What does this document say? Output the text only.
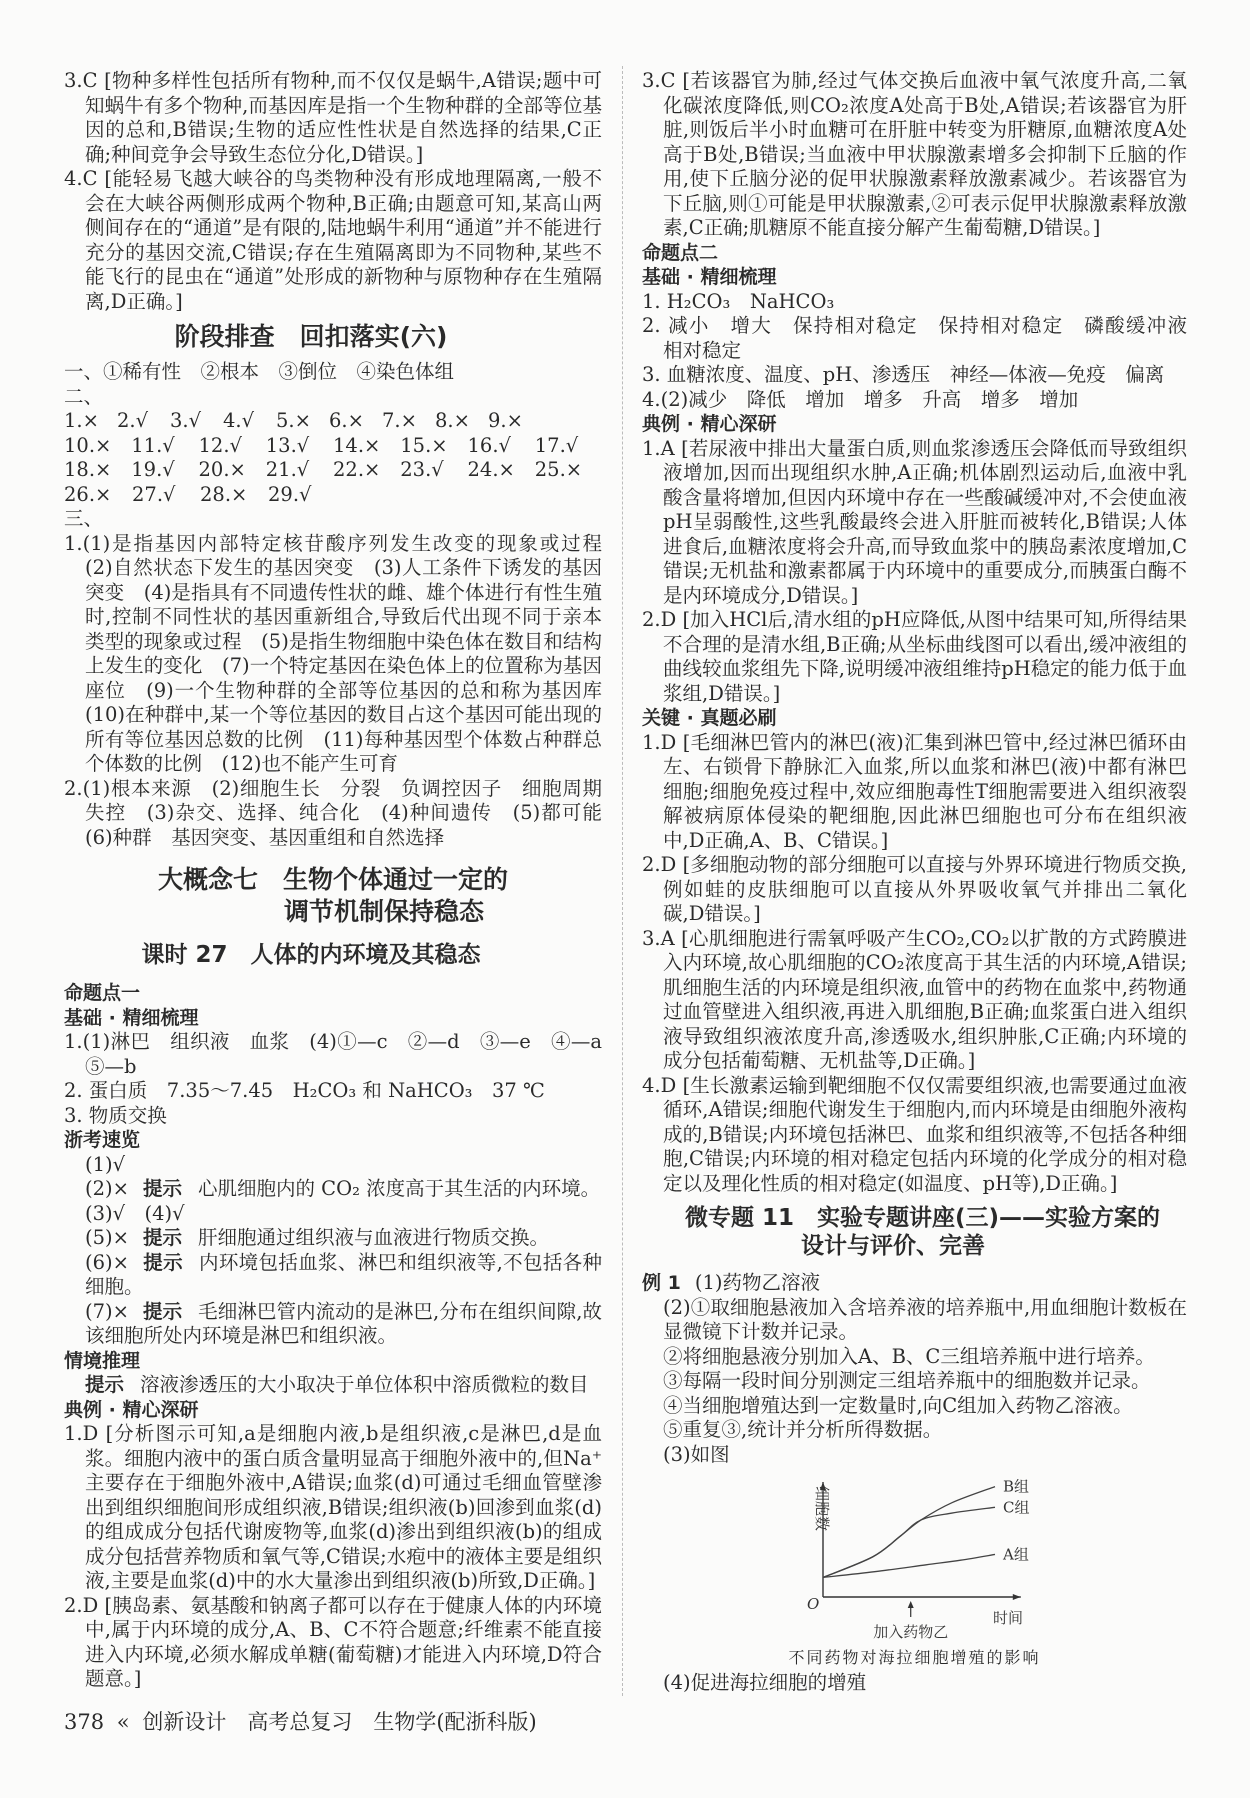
3.C [物种多样性包括所有物种,而不仅仅是蜗牛,A错误;题中可知蜗牛有多个物种,而基因库是指一个生物种群的全部等位基因的总和,B错误;生物的适应性性状是自然选择的结果,C正确;种间竞争会导致生态位分化,D错误。]

4.C [能轻易飞越大峡谷的鸟类物种没有形成地理隔离,一般不会在大峡谷两侧形成两个物种,B正确;由题意可知,某高山两侧间存在的“通道”是有限的,陆地蜗牛利用“通道”并不能进行充分的基因交流,C错误;存在生殖隔离即为不同物种,某些不能飞行的昆虫在“通道”处形成的新物种与原物种存在生殖隔离,D正确。]

阶段排查　回扣落实(六)

一、①稀有性　②根本　③倒位　④染色体组

二、

1.× 2.√	3.√	4.√	5.× 6.× 7.× 8.× 9.×
10.×	11.√	12.√	13.√	14.×	15.×	16.√	17.√
18.×	19.√	20.×	21.√	22.×	23.√	24.×	25.×
26.×	27.√	28.×	29.√

三、

1.(1)是指基因内部特定核苷酸序列发生改变的现象或过程　(2)自然状态下发生的基因突变　(3)人工条件下诱发的基因突变　(4)是指具有不同遗传性状的雌、雄个体进行有性生殖时,控制不同性状的基因重新组合,导致后代出现不同于亲本类型的现象或过程　(5)是指生物细胞中染色体在数目和结构上发生的变化　(7)一个特定基因在染色体上的位置称为基因座位　(9)一个生物种群的全部等位基因的总和称为基因库　(10)在种群中,某一个等位基因的数目占这个基因可能出现的所有等位基因总数的比例　(11)每种基因型个体数占种群总个体数的比例　(12)也不能产生可育

2.(1)根本来源　(2)细胞生长　分裂　负调控因子　细胞周期失控　(3)杂交、选择、纯合化　(4)种间遗传　(5)都可能　(6)种群　基因突变、基因重组和自然选择

大概念七　生物个体通过一定的
调节机制保持稳态
课时 27　人体的内环境及其稳态

命题点一

基础 · 精细梳理

1.(1)淋巴　组织液　血浆　(4)①—c　②—d　③—e　④—a　⑤—b

2. 蛋白质　7.35～7.45　H₂CO₃ 和 NaHCO₃　37 ℃

3. 物质交换

浙考速览

(1)√

(2)× 提示 心肌细胞内的 CO₂ 浓度高于其生活的内环境。

(3)√　(4)√

(5)× 提示 肝细胞通过组织液与血液进行物质交换。

(6)× 提示 内环境包括血浆、淋巴和组织液等,不包括各种细胞。

(7)× 提示 毛细淋巴管内流动的是淋巴,分布在组织间隙,故该细胞所处内环境是淋巴和组织液。

情境推理

提示 溶液渗透压的大小取决于单位体积中溶质微粒的数目

典例 · 精心深研

1.D [分析图示可知,a是细胞内液,b是组织液,c是淋巴,d是血浆。细胞内液中的蛋白质含量明显高于细胞外液中的,但Na⁺主要存在于细胞外液中,A错误;血浆(d)可通过毛细血管壁渗出到组织细胞间形成组织液,B错误;组织液(b)回渗到血浆(d)的组成成分包括代谢废物等,血浆(d)渗出到组织液(b)的组成成分包括营养物质和氧气等,C错误;水疱中的液体主要是组织液,主要是血浆(d)中的水大量渗出到组织液(b)所致,D正确。]

2.D [胰岛素、氨基酸和钠离子都可以存在于健康人体的内环境中,属于内环境的成分,A、B、C不符合题意;纤维素不能直接进入内环境,必须水解成单糖(葡萄糖)才能进入内环境,D符合题意。]

378 « 创新设计　高考总复习　生物学(配浙科版)

3.C [若该器官为肺,经过气体交换后血液中氧气浓度升高,二氧化碳浓度降低,则CO₂浓度A处高于B处,A错误;若该器官为肝脏,则饭后半小时血糖可在肝脏中转变为肝糖原,血糖浓度A处高于B处,B错误;当血液中甲状腺激素增多会抑制下丘脑的作用,使下丘脑分泌的促甲状腺激素释放激素减少。若该器官为下丘脑,则①可能是甲状腺激素,②可表示促甲状腺激素释放激素,C正确;肌糖原不能直接分解产生葡萄糖,D错误。]

命题点二

基础 · 精细梳理

1. H₂CO₃　NaHCO₃

2. 减小　增大　保持相对稳定　保持相对稳定　磷酸缓冲液　相对稳定

3. 血糖浓度、温度、pH、渗透压　神经—体液—免疫　偏离

4.(2)减少　降低　增加　增多　升高　增多　增加

典例 · 精心深研

1.A [若尿液中排出大量蛋白质,则血浆渗透压会降低而导致组织液增加,因而出现组织水肿,A正确;机体剧烈运动后,血液中乳酸含量将增加,但因内环境中存在一些酸碱缓冲对,不会使血液pH呈弱酸性,这些乳酸最终会进入肝脏而被转化,B错误;人体进食后,血糖浓度将会升高,而导致血浆中的胰岛素浓度增加,C错误;无机盐和激素都属于内环境中的重要成分,而胰蛋白酶不是内环境成分,D错误。]

2.D [加入HCl后,清水组的pH应降低,从图中结果可知,所得结果不合理的是清水组,B正确;从坐标曲线图可以看出,缓冲液组的曲线较血浆组先下降,说明缓冲液组维持pH稳定的能力低于血浆组,D错误。]

关键 · 真题必刷

1.D [毛细淋巴管内的淋巴(液)汇集到淋巴管中,经过淋巴循环由左、右锁骨下静脉汇入血浆,所以血浆和淋巴(液)中都有淋巴细胞;细胞免疫过程中,效应细胞毒性T细胞需要进入组织液裂解被病原体侵染的靶细胞,因此淋巴细胞也可分布在组织液中,D正确,A、B、C错误。]

2.D [多细胞动物的部分细胞可以直接与外界环境进行物质交换,例如蛙的皮肤细胞可以直接从外界吸收氧气并排出二氧化碳,D错误。]

3.A [心肌细胞进行需氧呼吸产生CO₂,CO₂以扩散的方式跨膜进入内环境,故心肌细胞的CO₂浓度高于其生活的内环境,A错误;肌细胞生活的内环境是组织液,血管中的药物在血浆中,药物通过血管壁进入组织液,再进入肌细胞,B正确;血浆蛋白进入组织液导致组织液浓度升高,渗透吸水,组织肿胀,C正确;内环境的成分包括葡萄糖、无机盐等,D正确。]

4.D [生长激素运输到靶细胞不仅仅需要组织液,也需要通过血液循环,A错误;细胞代谢发生于细胞内,而内环境是由细胞外液构成的,B错误;内环境包括淋巴、血浆和组织液等,不包括各种细胞,C错误;内环境的相对稳定包括内环境的化学成分的相对稳定以及理化性质的相对稳定(如温度、pH等),D正确。]

微专题 11　实验专题讲座(三)——实验方案的
设计与评价、完善

例 1 (1)药物乙溶液

(2)①取细胞悬液加入含培养液的培养瓶中,用血细胞计数板在显微镜下计数并记录。

②将细胞悬液分别加入A、B、C三组培养瓶中进行培养。

③每隔一段时间分别测定三组培养瓶中的细胞数并记录。

④当细胞增殖达到一定数量时,向C组加入药物乙溶液。

⑤重复③,统计并分析所得数据。

(3)如图

细胞数
时间
O
加入药物乙
B组
C组
A组
不同药物对海拉细胞增殖的影响

(4)促进海拉细胞的增殖
